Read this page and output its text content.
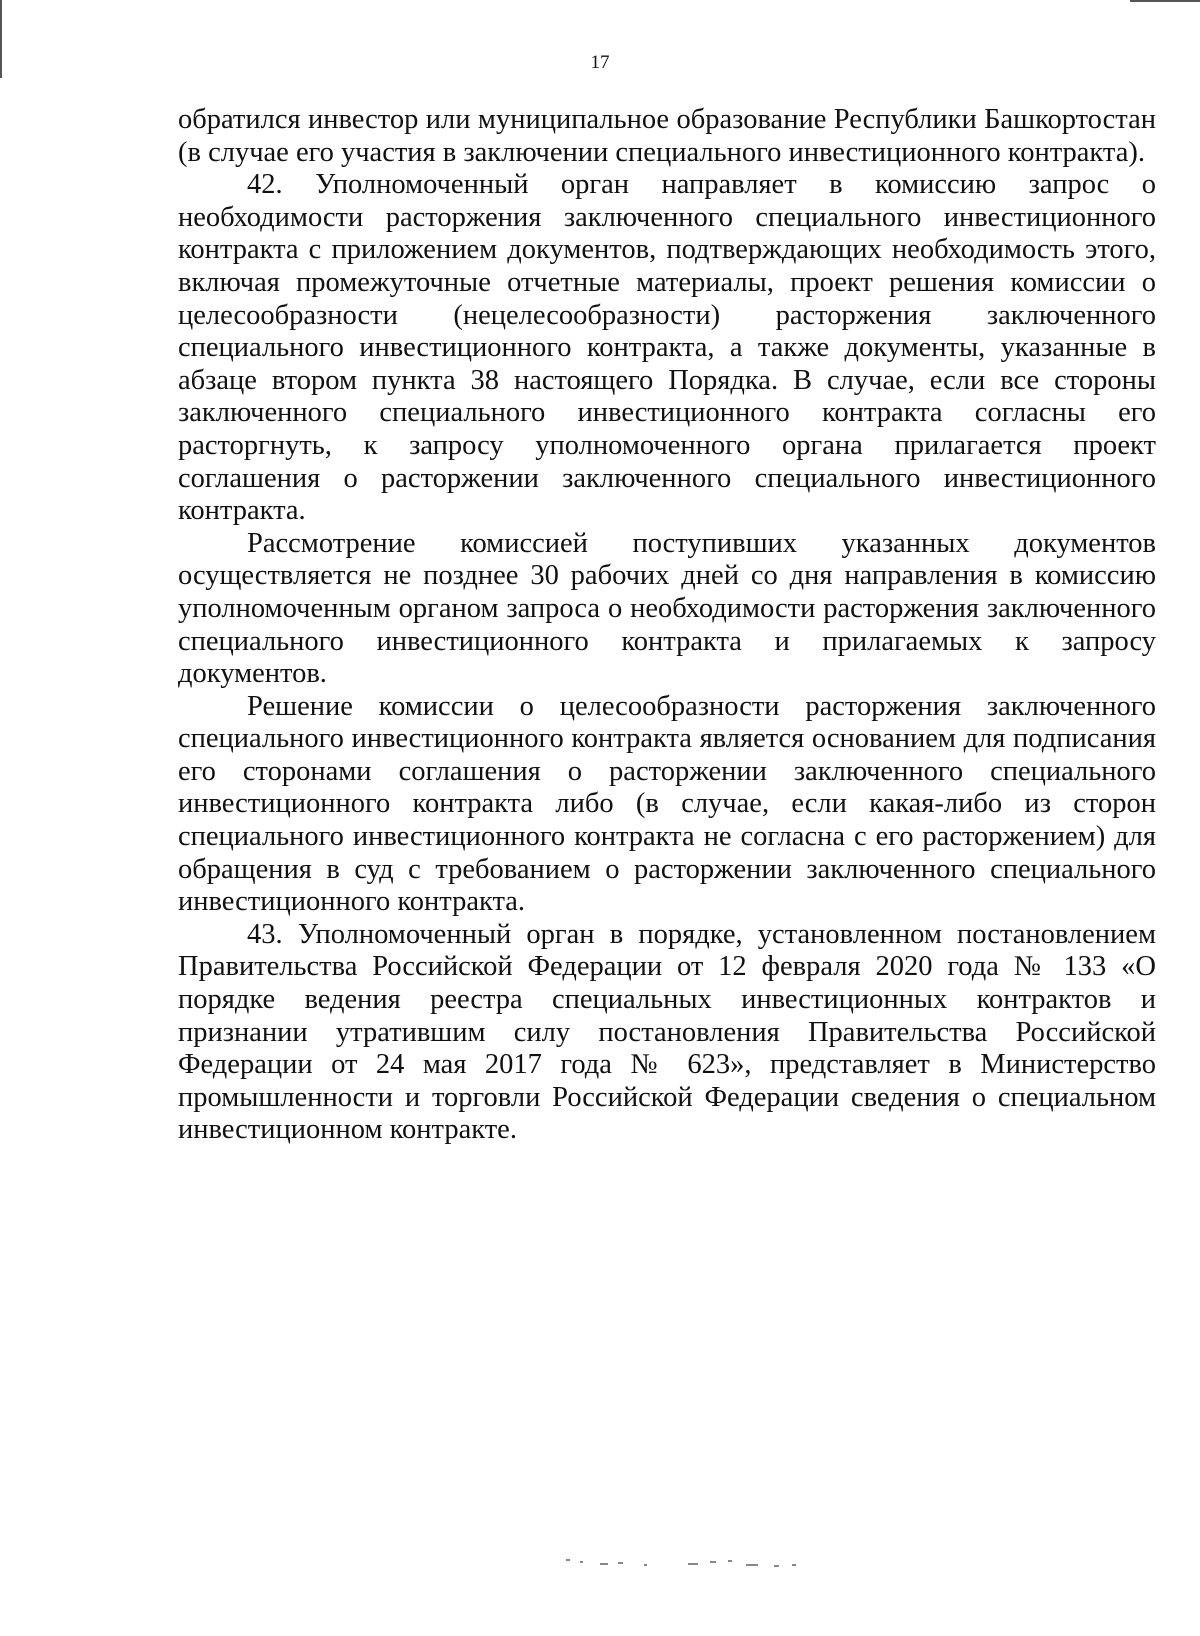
17

обратился инвестор или муниципальное образование Республики Башкортостан (в случае его участия в заключении специального инвестиционного контракта).

42. Уполномоченный орган направляет в комиссию запрос о необходимости расторжения заключенного специального инвестиционного контракта с приложением документов, подтверждающих необходимость этого, включая промежуточные отчетные материалы, проект решения комиссии о целесообразности (нецелесообразности) расторжения заключенного специального инвестиционного контракта, а также документы, указанные в абзаце втором пункта 38 настоящего Порядка. В случае, если все стороны заключенного специального инвестиционного контракта согласны его расторгнуть, к запросу уполномоченного органа прилагается проект соглашения о расторжении заключенного специального инвестиционного контракта.

Рассмотрение комиссией поступивших указанных документов осуществляется не позднее 30 рабочих дней со дня направления в комиссию уполномоченным органом запроса о необходимости расторжения заключенного специального инвестиционного контракта и прилагаемых к запросу документов.

Решение комиссии о целесообразности расторжения заключенного специального инвестиционного контракта является основанием для подписания его сторонами соглашения о расторжении заключенного специального инвестиционного контракта либо (в случае, если какая-либо из сторон специального инвестиционного контракта не согласна с его расторжением) для обращения в суд с требованием о расторжении заключенного специального инвестиционного контракта.

43. Уполномоченный орган в порядке, установленном постановлением Правительства Российской Федерации от 12 февраля 2020 года № 133 «О порядке ведения реестра специальных инвестиционных контрактов и признании утратившим силу постановления Правительства Российской Федерации от 24 мая 2017 года № 623», представляет в Министерство промышленности и торговли Российской Федерации сведения о специальном инвестиционном контракте.
